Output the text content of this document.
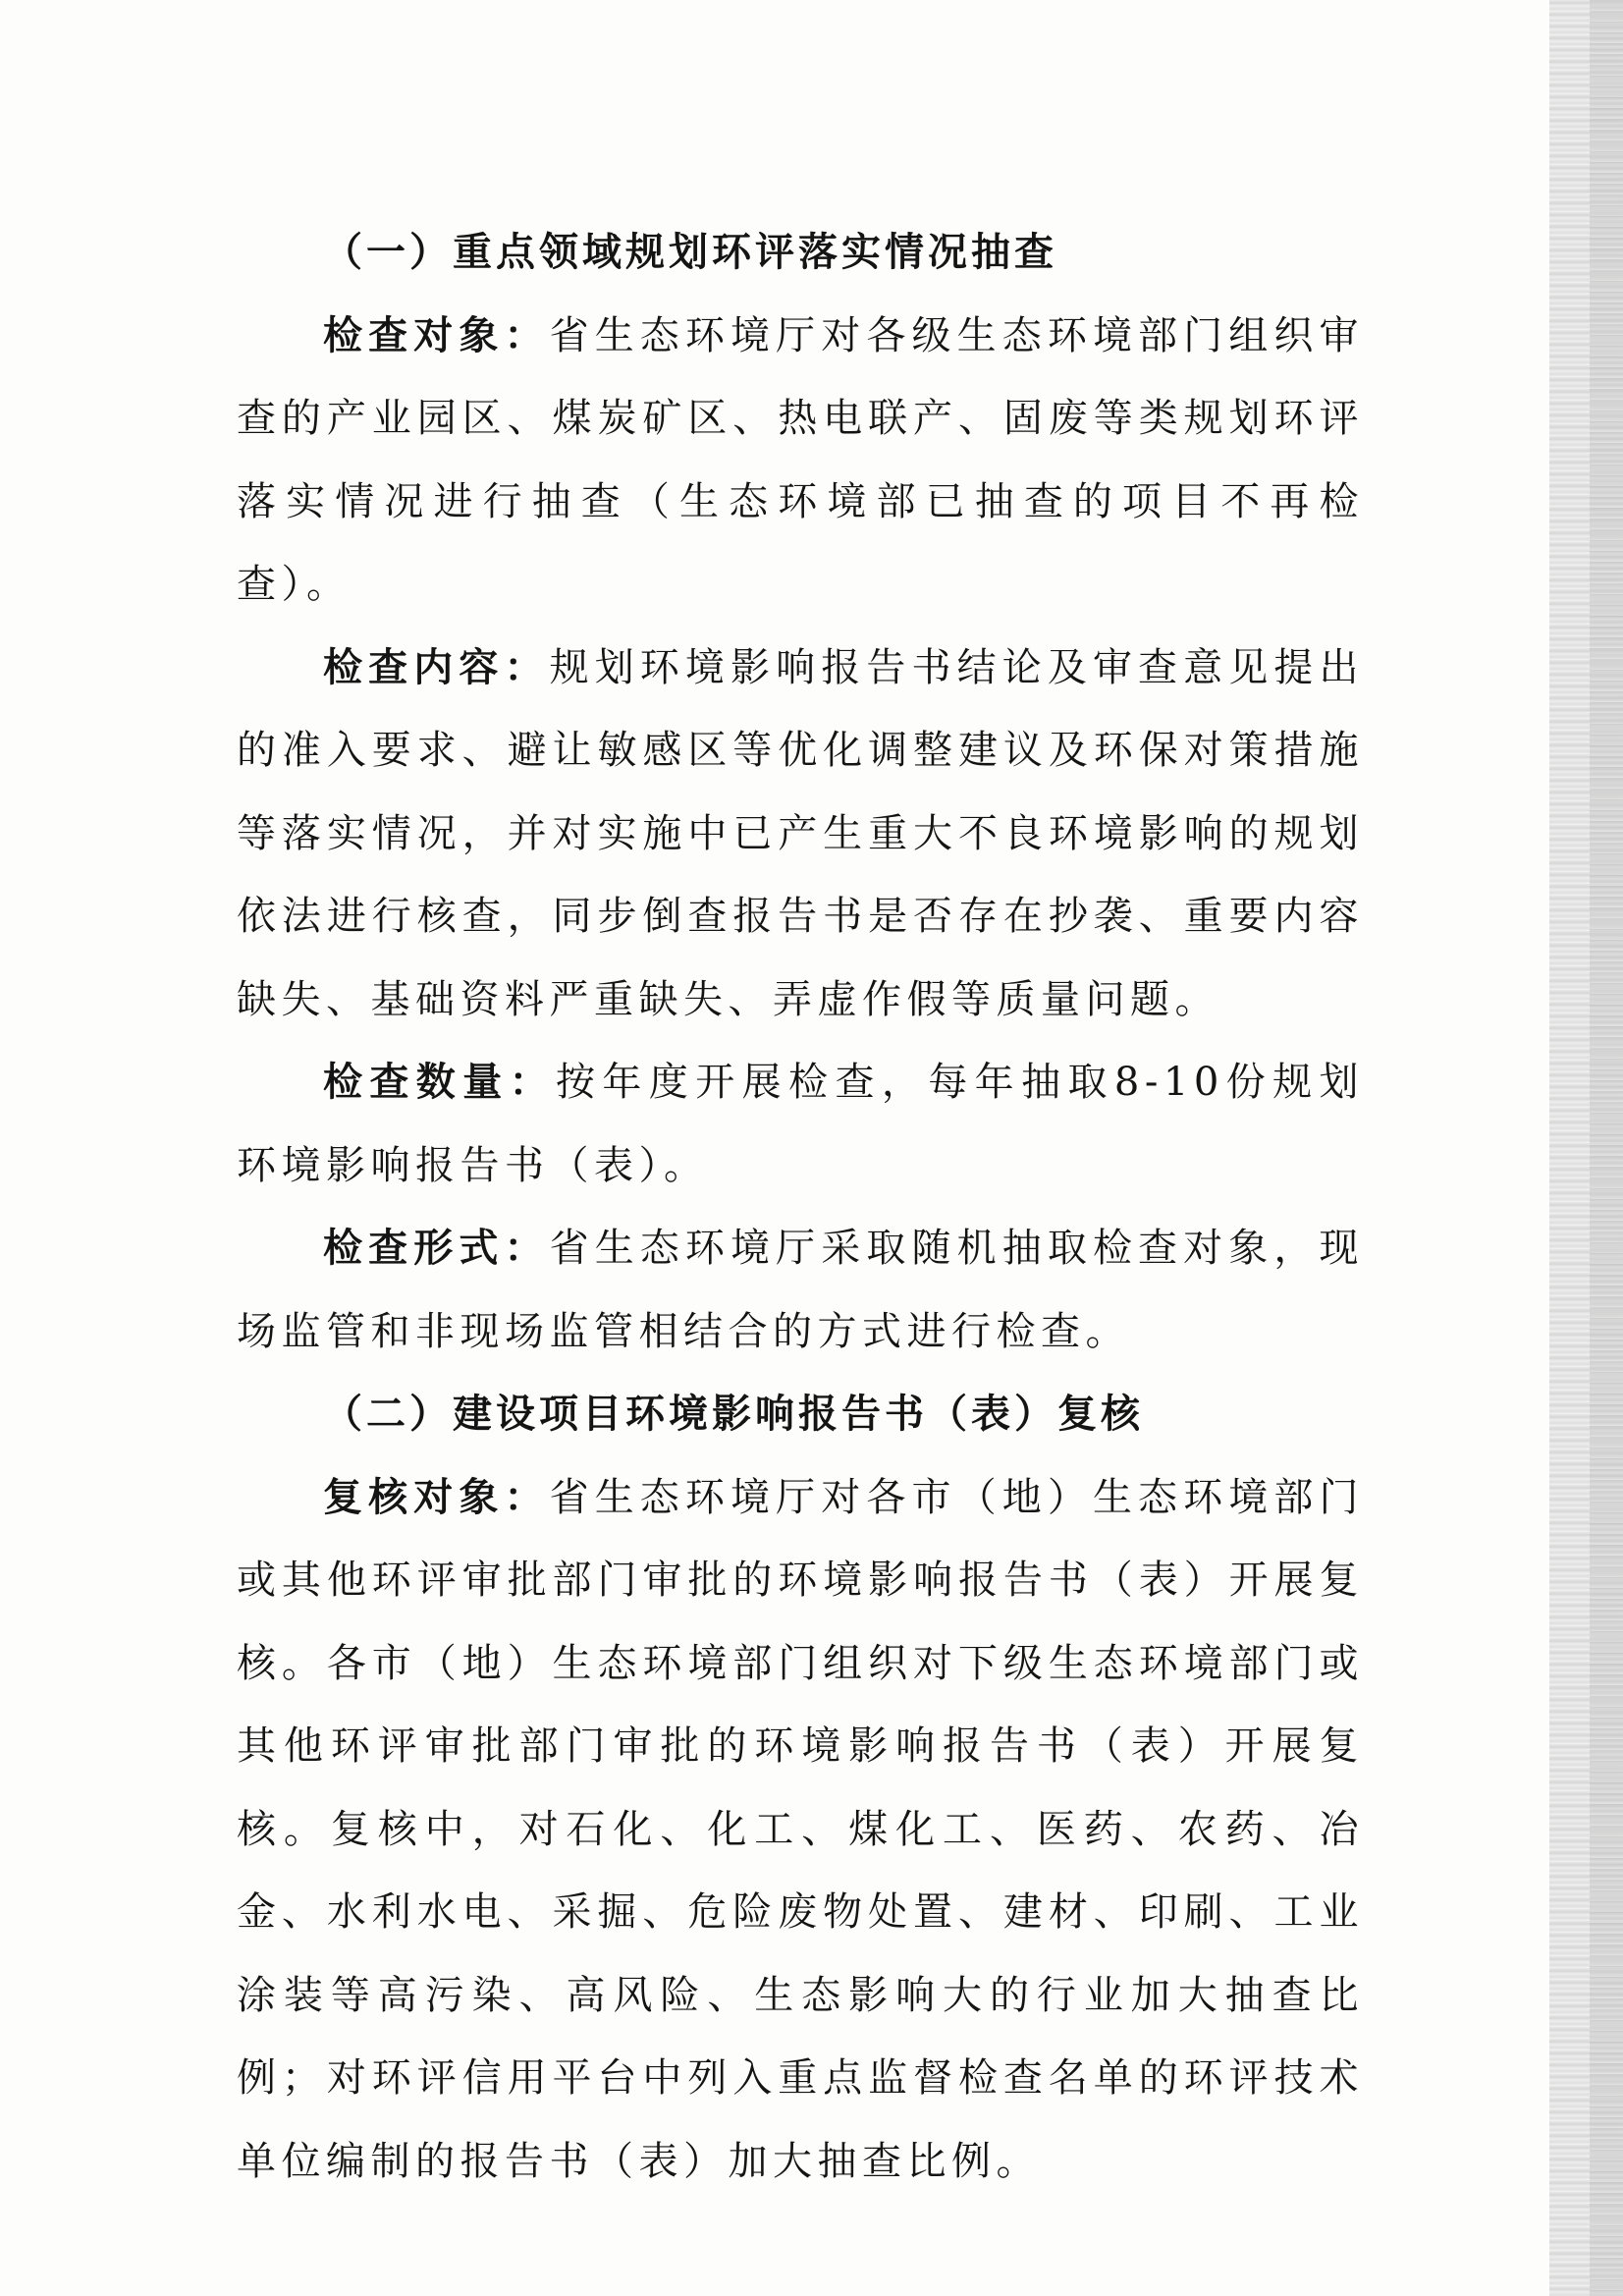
（一）重点领域规划环评落实情况抽查

检查对象：省生态环境厅对各级生态环境部门组织审查的产业园区、煤炭矿区、热电联产、固废等类规划环评落实情况进行抽查（生态环境部已抽查的项目不再检查）。

检查内容：规划环境影响报告书结论及审查意见提出的准入要求、避让敏感区等优化调整建议及环保对策措施等落实情况，并对实施中已产生重大不良环境影响的规划依法进行核查，同步倒查报告书是否存在抄袭、重要内容缺失、基础资料严重缺失、弄虚作假等质量问题。

检查数量：按年度开展检查，每年抽取8-10份规划环境影响报告书（表）。

检查形式：省生态环境厅采取随机抽取检查对象，现场监管和非现场监管相结合的方式进行检查。

（二）建设项目环境影响报告书（表）复核

复核对象：省生态环境厅对各市（地）生态环境部门或其他环评审批部门审批的环境影响报告书（表）开展复核。各市（地）生态环境部门组织对下级生态环境部门或其他环评审批部门审批的环境影响报告书（表）开展复核。复核中，对石化、化工、煤化工、医药、农药、冶金、水利水电、采掘、危险废物处置、建材、印刷、工业涂装等高污染、高风险、生态影响大的行业加大抽查比例；对环评信用平台中列入重点监督检查名单的环评技术单位编制的报告书（表）加大抽查比例。
